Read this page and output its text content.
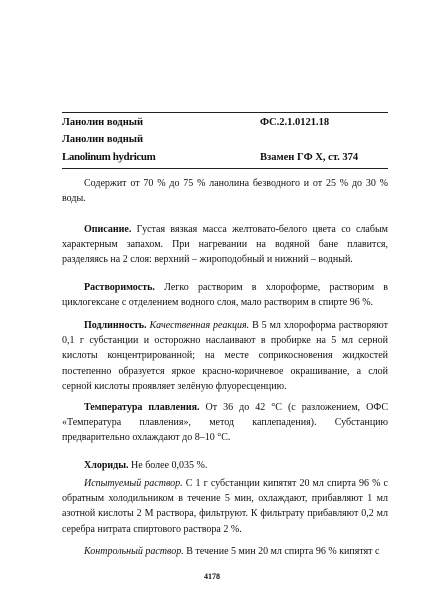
Ланолин водный	ФС.2.1.0121.18
Ланолин водный
Lanolinum hydricum	Взамен ГФ X, ст. 374

Содержит от 70 % до 75 % ланолина безводного и от 25 % до 30 % воды.

Описание. Густая вязкая масса желтовато-белого цвета со слабым характерным запахом. При нагревании на водяной бане плавится, разделяясь на 2 слоя: верхний – жироподобный и нижний – водный.

Растворимость. Легко растворим в хлороформе, растворим в циклогексане с отделением водного слоя, мало растворим в спирте 96 %.

Подлинность. Качественная реакция. В 5 мл хлороформа растворяют 0,1 г субстанции и осторожно наслаивают в пробирке на 5 мл серной кислоты концентрированной; на месте соприкосновения жидкостей постепенно образуется яркое красно-коричневое окрашивание, а слой серной кислоты проявляет зелёную флуоресценцию.

Температура плавления. От 36 до 42 °С (с разложением, ОФС «Температура плавления», метод каплепадения). Субстанцию предварительно охлаждают до 8–10 °С.

Хлориды. Не более 0,035 %.

Испытуемый раствор. С 1 г субстанции кипятят 20 мл спирта 96 % с обратным холодильником в течение 5 мин, охлаждают, прибавляют 1 мл азотной кислоты 2 М раствора, фильтруют. К фильтрату прибавляют 0,2 мл серебра нитрата спиртового раствора 2 %.

Контрольный раствор. В течение 5 мин 20 мл спирта 96 % кипятят с

4178
